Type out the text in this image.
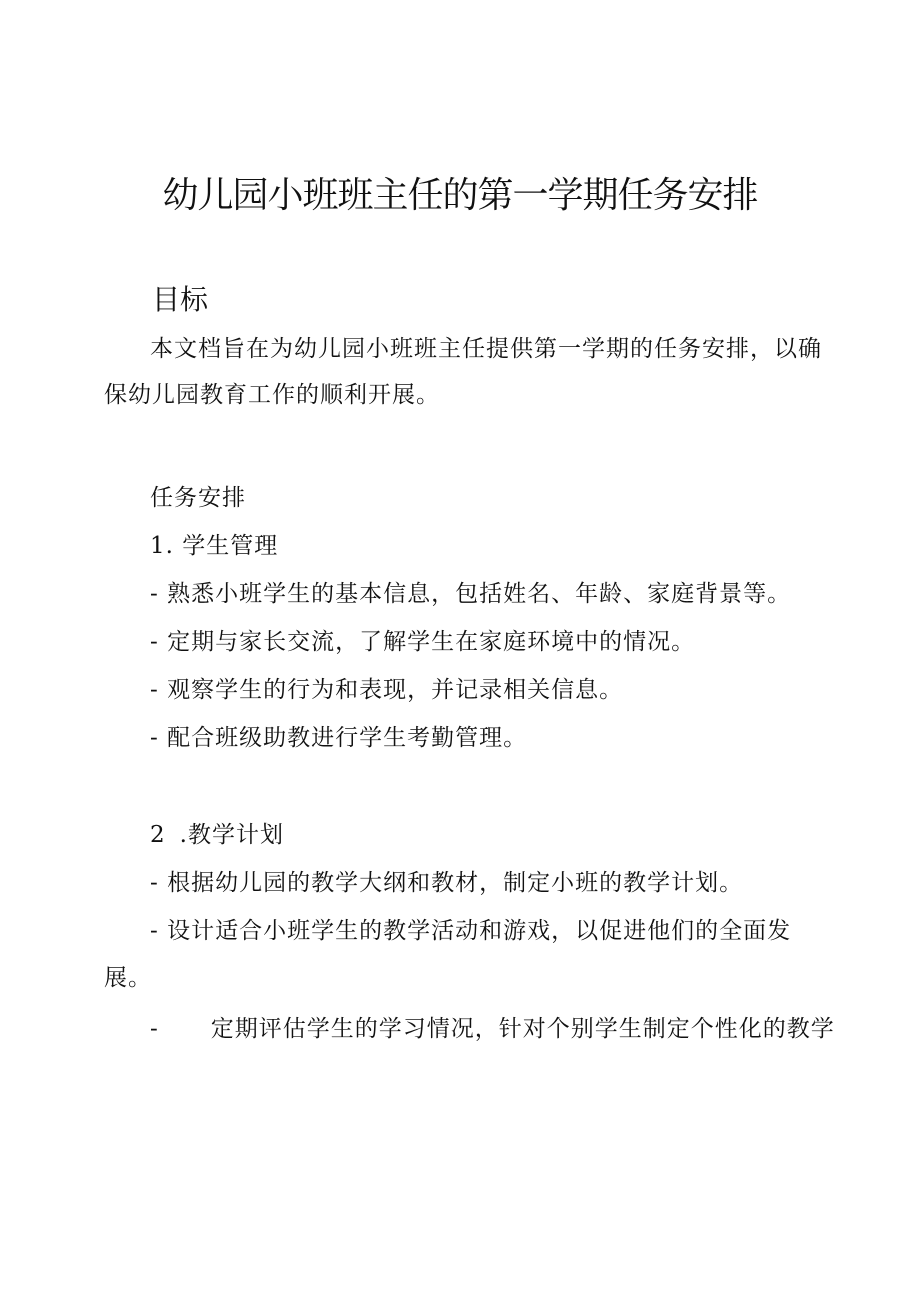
幼儿园小班班主任的第一学期任务安排
目标
本文档旨在为幼儿园小班班主任提供第一学期的任务安排，以确
保幼儿园教育工作的顺利开展。
任务安排
1. 学生管理
- 熟悉小班学生的基本信息，包括姓名、年龄、家庭背景等。
- 定期与家长交流，了解学生在家庭环境中的情况。
- 观察学生的行为和表现，并记录相关信息。
- 配合班级助教进行学生考勤管理。
2 .教学计划
- 根据幼儿园的教学大纲和教材，制定小班的教学计划。
- 设计适合小班学生的教学活动和游戏，以促进他们的全面发
展。
- 定期评估学生的学习情况，针对个别学生制定个性化的教学
